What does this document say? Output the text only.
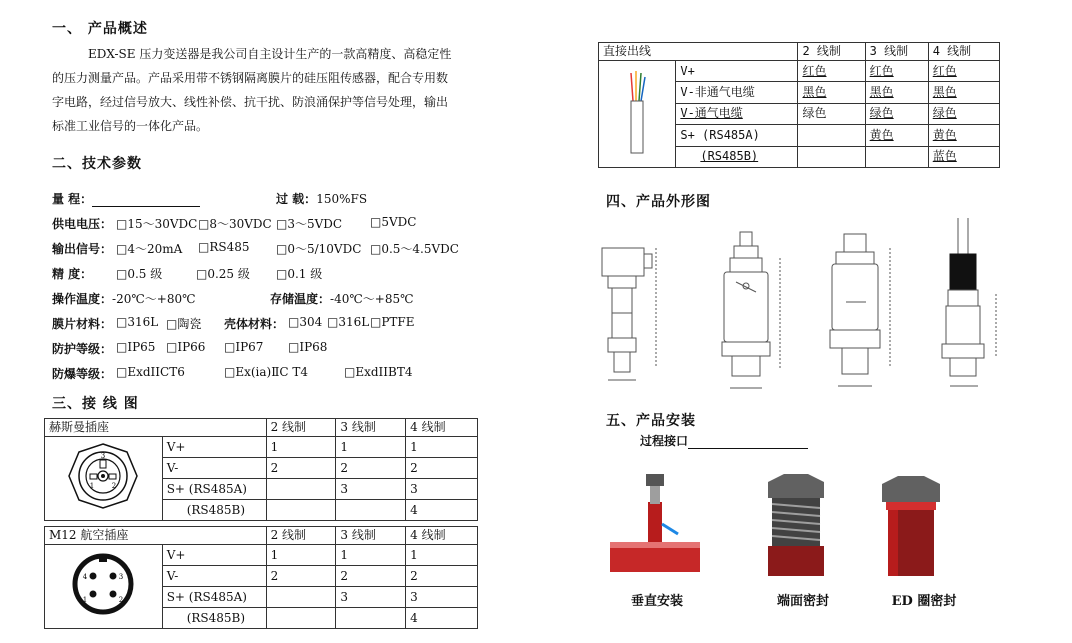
一、 产品概述
EDX-SE 压力变送器是我公司自主设计生产的一款高精度、高稳定性
的压力测量产品。产品采用带不锈钢隔离膜片的硅压阻传感器，配合专用数
字电路，经过信号放大、线性补偿、抗干扰、防浪涌保护等信号处理，输出
标准工业信号的一体化产品。
二、技术参数
量 程：	过 载：150%FS
供电电压： □15～30VDC □8～30VDC □3～5VDC □5VDC
输出信号： □4～20mA □RS485 □0～5/10VDC □0.5～4.5VDC
精 度： □0.5 级	□0.25 级 □0.1 级
操作温度：-20℃～+80℃	存储温度：-40℃～+85℃
膜片材料： □316L □陶瓷 壳体材料： □304 □316L □PTFE
防护等级： □IP65 □IP66 □IP67 □IP68
防爆等级： □ExdIICT6	□Ex(ia)ⅡC T4	□ExdIIBT4
三、接 线 图
赫斯曼插座		2 线制	3 线制	4 线制

3
1 2	V+	1	1	1
	V-	2	2	2
	S+ (RS485A)		3	3
	(RS485B)			4
M12 航空插座		2 线制	3 线制	4 线制

4 3
1 2	V+	1	1	1
	V-	2	2	2
	S+ (RS485A)		3	3
	(RS485B)			4
直接出线		2 线制	3 线制	4 线制
	V+	红色	红色	红色
	V-非通气电缆	黑色	黑色	黑色
	V-通气电缆	绿色	绿色	绿色
	S+ (RS485A)		黄色	黄色
	(RS485B)			蓝色
四、产品外形图
五、产品安装
过程接口
垂直安装	端面密封	ED 圈密封
